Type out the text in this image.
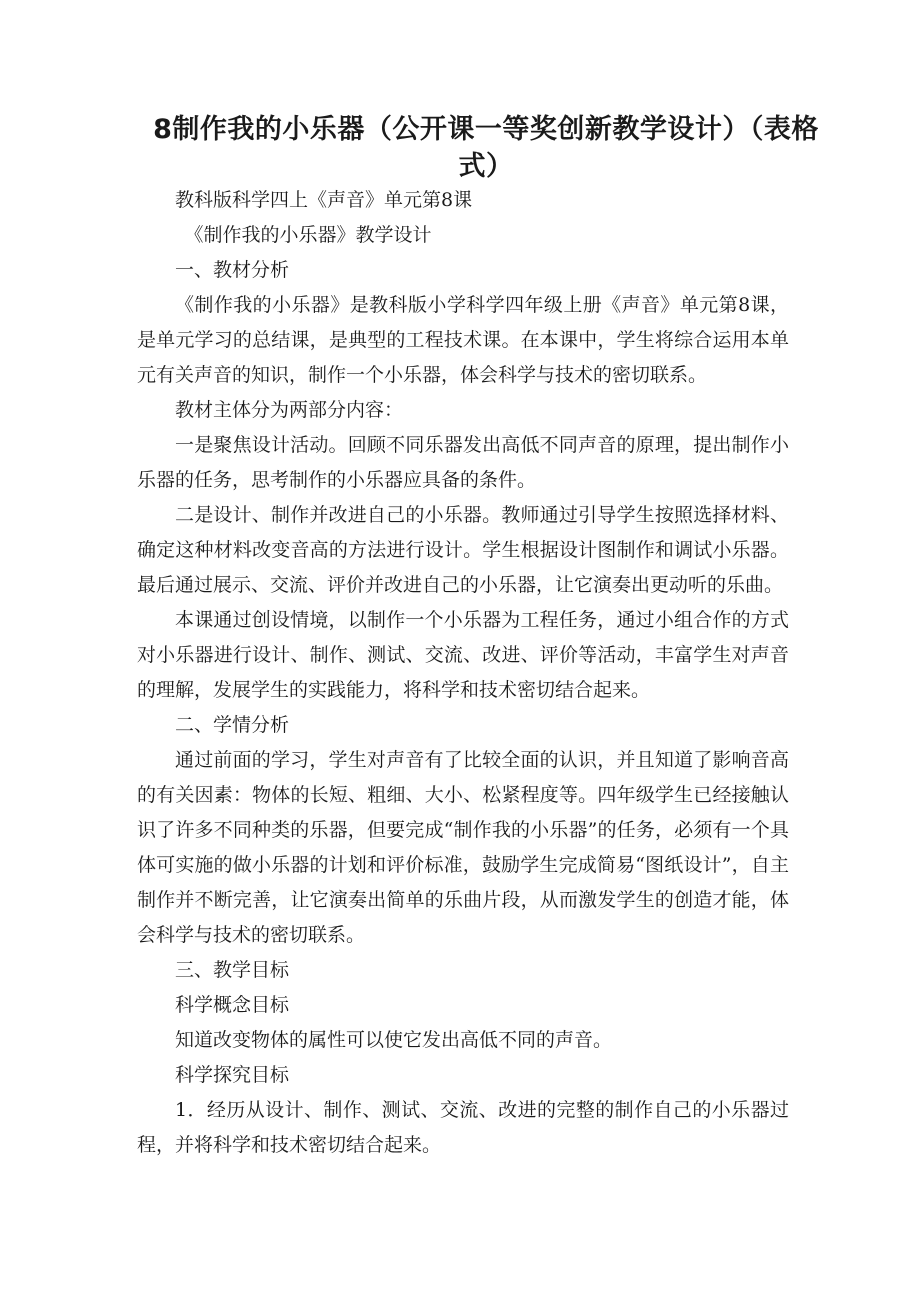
8制作我的小乐器（公开课一等奖创新教学设计）（表格式）

教科版科学四上《声音》单元第8课

《制作我的小乐器》教学设计

一、教材分析

《制作我的小乐器》是教科版小学科学四年级上册《声音》单元第8课，是单元学习的总结课，是典型的工程技术课。在本课中，学生将综合运用本单元有关声音的知识，制作一个小乐器，体会科学与技术的密切联系。

教材主体分为两部分内容：

一是聚焦设计活动。回顾不同乐器发出高低不同声音的原理，提出制作小乐器的任务，思考制作的小乐器应具备的条件。

二是设计、制作并改进自己的小乐器。教师通过引导学生按照选择材料、确定这种材料改变音高的方法进行设计。学生根据设计图制作和调试小乐器。最后通过展示、交流、评价并改进自己的小乐器，让它演奏出更动听的乐曲。

本课通过创设情境，以制作一个小乐器为工程任务，通过小组合作的方式对小乐器进行设计、制作、测试、交流、改进、评价等活动，丰富学生对声音的理解，发展学生的实践能力，将科学和技术密切结合起来。

二、学情分析

通过前面的学习，学生对声音有了比较全面的认识，并且知道了影响音高的有关因素：物体的长短、粗细、大小、松紧程度等。四年级学生已经接触认识了许多不同种类的乐器，但要完成“制作我的小乐器”的任务，必须有一个具体可实施的做小乐器的计划和评价标准，鼓励学生完成简易“图纸设计”，自主制作并不断完善，让它演奏出简单的乐曲片段，从而激发学生的创造才能，体会科学与技术的密切联系。

三、教学目标

科学概念目标

知道改变物体的属性可以使它发出高低不同的声音。

科学探究目标

1．经历从设计、制作、测试、交流、改进的完整的制作自己的小乐器过程，并将科学和技术密切结合起来。
